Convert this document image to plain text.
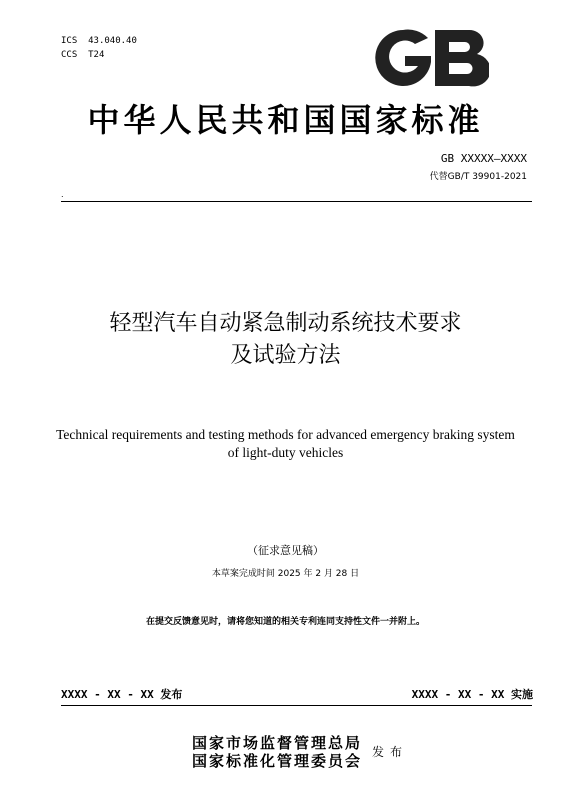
ICS 43.040.40
CCS T24
中华人民共和国国家标准
GB XXXXX—XXXX
代替GB/T 39901-2021
.
轻型汽车自动紧急制动系统技术要求
及试验方法
Technical requirements and testing methods for advanced emergency braking system
of light-duty vehicles
（征求意见稿）
本草案完成时间 2025 年 2 月 28 日
在提交反馈意见时，请将您知道的相关专利连同支持性文件一并附上。
XXXX - XX - XX 发布	XXXX - XX - XX 实施
国家市场监督管理总局
国家标准化管理委员会 发布
